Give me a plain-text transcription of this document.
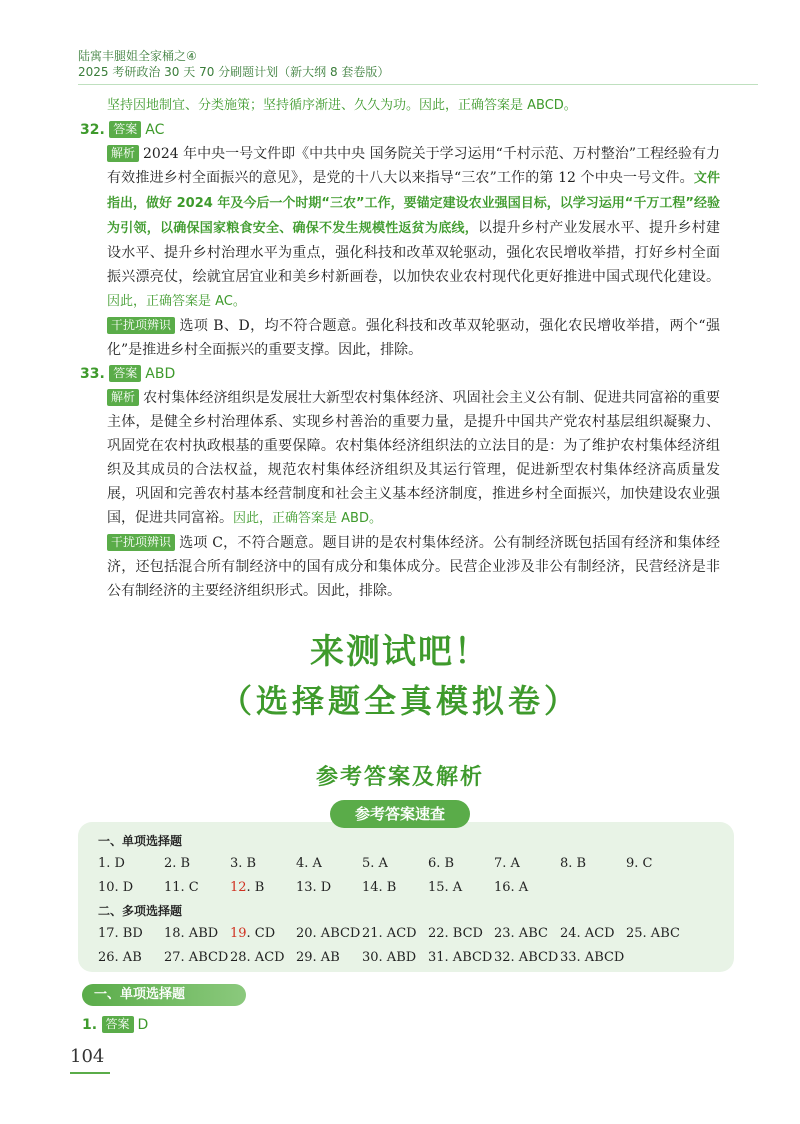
陆寓丰腿姐全家桶之④
2025 考研政治 30 天 70 分刷题计划（新大纲 8 套卷版）

坚持因地制宜、分类施策；坚持循序渐进、久久为功。因此，正确答案是 ABCD。

32. 答案 AC

解析 2024 年中央一号文件即《中共中央 国务院关于学习运用“千村示范、万村整治”工程经验有力有效推进乡村全面振兴的意见》，是党的十八大以来指导“三农”工作的第 12 个中央一号文件。文件指出，做好 2024 年及今后一个时期“三农”工作，要锚定建设农业强国目标，以学习运用“千万工程”经验为引领，以确保国家粮食安全、确保不发生规模性返贫为底线，以提升乡村产业发展水平、提升乡村建设水平、提升乡村治理水平为重点，强化科技和改革双轮驱动，强化农民增收举措，打好乡村全面振兴漂亮仗，绘就宜居宜业和美乡村新画卷，以加快农业农村现代化更好推进中国式现代化建设。因此，正确答案是 AC。

干扰项辨识 选项 B、D，均不符合题意。强化科技和改革双轮驱动，强化农民增收举措，两个“强化”是推进乡村全面振兴的重要支撑。因此，排除。

33. 答案 ABD

解析 农村集体经济组织是发展壮大新型农村集体经济、巩固社会主义公有制、促进共同富裕的重要主体，是健全乡村治理体系、实现乡村善治的重要力量，是提升中国共产党农村基层组织凝聚力、巩固党在农村执政根基的重要保障。农村集体经济组织法的立法目的是：为了维护农村集体经济组织及其成员的合法权益，规范农村集体经济组织及其运行管理，促进新型农村集体经济高质量发展，巩固和完善农村基本经营制度和社会主义基本经济制度，推进乡村全面振兴，加快建设农业强国，促进共同富裕。因此，正确答案是 ABD。

干扰项辨识 选项 C，不符合题意。题目讲的是农村集体经济。公有制经济既包括国有经济和集体经济，还包括混合所有制经济中的国有成分和集体成分。民营企业涉及非公有制经济，民营经济是非公有制经济的主要经济组织形式。因此，排除。

来测试吧！
（选择题全真模拟卷）
参考答案及解析
参考答案速查
一、单项选择题
1. D	2. B	3. B	4. A	5. A	6. B	7. A	8. B	9. C
10. D	11. C	12. B	13. D	14. B	15. A	16. A
二、多项选择题
17. BD	18. ABD 19. CD	20. ABCD 21. ACD 22. BCD 23. ABC 24. ACD 25. ABC
26. AB	27. ABCD 28. ACD 29. AB	30. ABD 31. ABCD 32. ABCD 33. ABCD
一、单项选择题
1. 答案 D
104
